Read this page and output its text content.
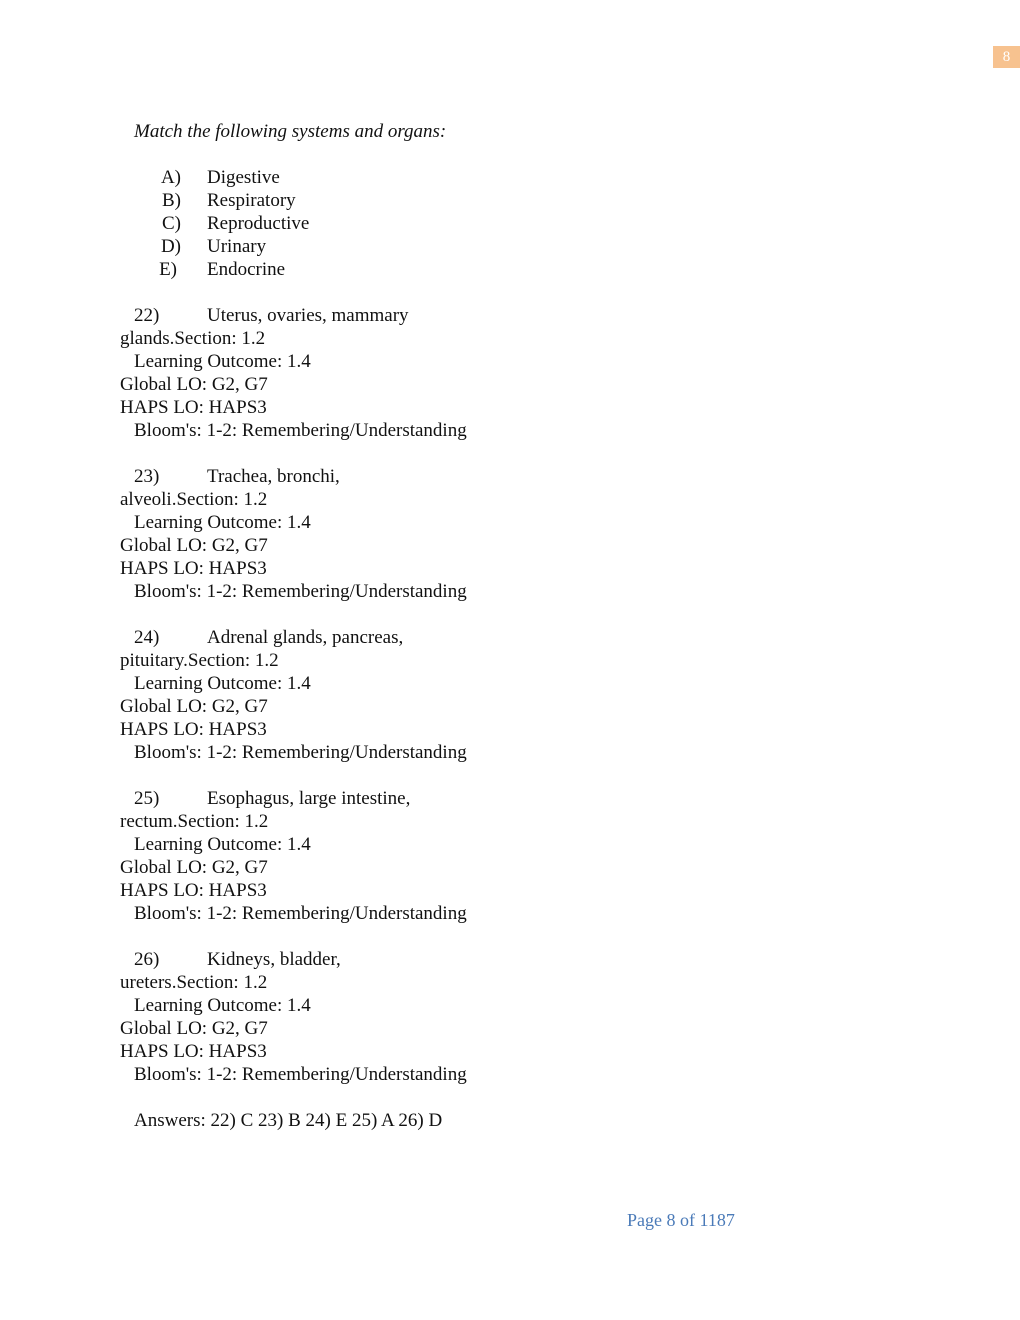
8
Match the following systems and organs:
A) Digestive
B) Respiratory
C) Reproductive
D) Urinary
E) Endocrine
22)	Uterus, ovaries, mammary
glands.Section: 1.2
Learning Outcome: 1.4
Global LO: G2, G7
HAPS LO: HAPS3
Bloom's: 1-2: Remembering/Understanding
23)	Trachea, bronchi,
alveoli.Section: 1.2
Learning Outcome: 1.4
Global LO: G2, G7
HAPS LO: HAPS3
Bloom's: 1-2: Remembering/Understanding
24)	Adrenal glands, pancreas,
pituitary.Section: 1.2
Learning Outcome: 1.4
Global LO: G2, G7
HAPS LO: HAPS3
Bloom's: 1-2: Remembering/Understanding
25)	Esophagus, large intestine,
rectum.Section: 1.2
Learning Outcome: 1.4
Global LO: G2, G7
HAPS LO: HAPS3
Bloom's: 1-2: Remembering/Understanding
26)	Kidneys, bladder,
ureters.Section: 1.2
Learning Outcome: 1.4
Global LO: G2, G7
HAPS LO: HAPS3
Bloom's: 1-2: Remembering/Understanding
Answers: 22) C 23) B 24) E 25) A 26) D
Page 8 of 1187
